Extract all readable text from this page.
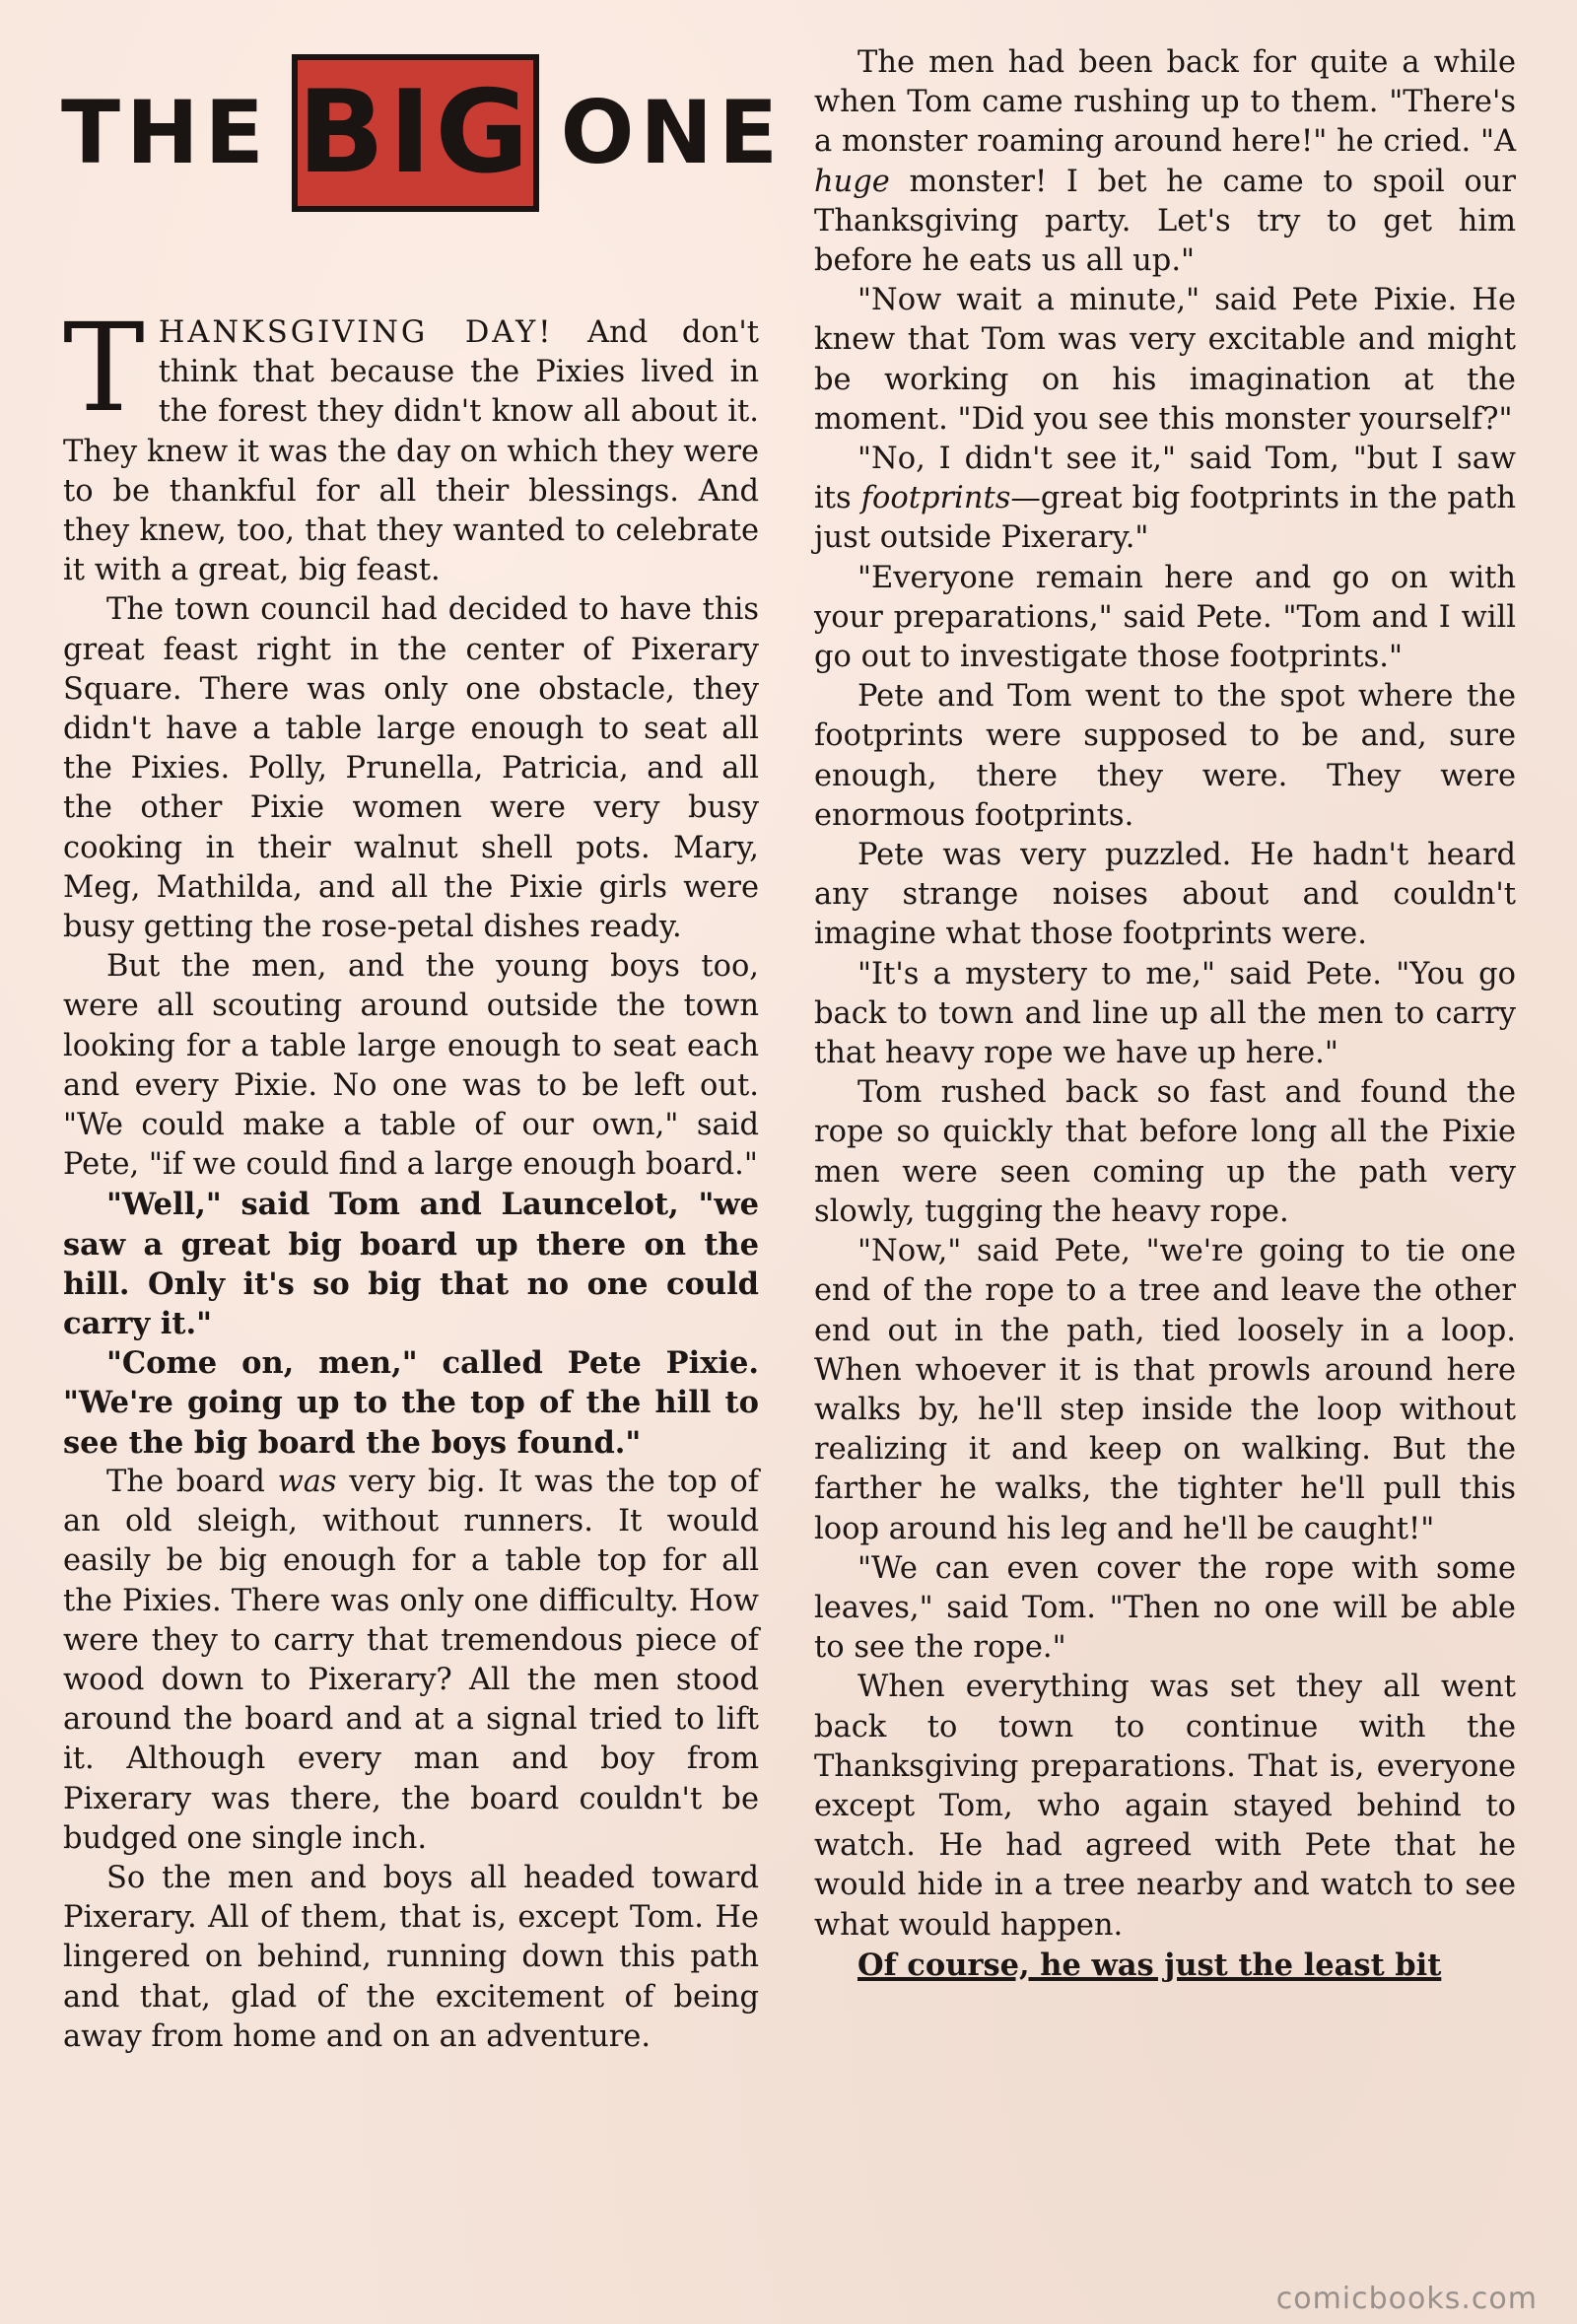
THE BIG ONE

THANKSGIVING DAY! And don't think that because the Pixies lived in the forest they didn't know all about it. They knew it was the day on which they were to be thankful for all their blessings. And they knew, too, that they wanted to celebrate it with a great, big feast.

The town council had decided to have this great feast right in the center of Pixerary Square. There was only one obstacle, they didn't have a table large enough to seat all the Pixies. Polly, Prunella, Patricia, and all the other Pixie women were very busy cooking in their walnut shell pots. Mary, Meg, Mathilda, and all the Pixie girls were busy getting the rose-petal dishes ready.

But the men, and the young boys too, were all scouting around outside the town looking for a table large enough to seat each and every Pixie. No one was to be left out. "We could make a table of our own," said Pete, "if we could find a large enough board."

"Well," said Tom and Launcelot, "we saw a great big board up there on the hill. Only it's so big that no one could carry it."

"Come on, men," called Pete Pixie. "We're going up to the top of the hill to see the big board the boys found."

The board was very big. It was the top of an old sleigh, without runners. It would easily be big enough for a table top for all the Pixies. There was only one difficulty. How were they to carry that tremendous piece of wood down to Pixerary? All the men stood around the board and at a signal tried to lift it. Although every man and boy from Pixerary was there, the board couldn't be budged one single inch.

So the men and boys all headed toward Pixerary. All of them, that is, except Tom. He lingered on behind, running down this path and that, glad of the excitement of being away from home and on an adventure.

The men had been back for quite a while when Tom came rushing up to them. "There's a monster roaming around here!" he cried. "A huge monster! I bet he came to spoil our Thanksgiving party. Let's try to get him before he eats us all up."

"Now wait a minute," said Pete Pixie. He knew that Tom was very excitable and might be working on his imagination at the moment. "Did you see this monster yourself?"

"No, I didn't see it," said Tom, "but I saw its footprints—great big footprints in the path just outside Pixerary."

"Everyone remain here and go on with your preparations," said Pete. "Tom and I will go out to investigate those footprints."

Pete and Tom went to the spot where the footprints were supposed to be and, sure enough, there they were. They were enormous footprints.

Pete was very puzzled. He hadn't heard any strange noises about and couldn't imagine what those footprints were.

"It's a mystery to me," said Pete. "You go back to town and line up all the men to carry that heavy rope we have up here."

Tom rushed back so fast and found the rope so quickly that before long all the Pixie men were seen coming up the path very slowly, tugging the heavy rope.

"Now," said Pete, "we're going to tie one end of the rope to a tree and leave the other end out in the path, tied loosely in a loop. When whoever it is that prowls around here walks by, he'll step inside the loop without realizing it and keep on walking. But the farther he walks, the tighter he'll pull this loop around his leg and he'll be caught!"

"We can even cover the rope with some leaves," said Tom. "Then no one will be able to see the rope."

When everything was set they all went back to town to continue with the Thanksgiving preparations. That is, everyone except Tom, who again stayed behind to watch. He had agreed with Pete that he would hide in a tree nearby and watch to see what would happen.

Of course, he was just the least bit

comicbooks.com
